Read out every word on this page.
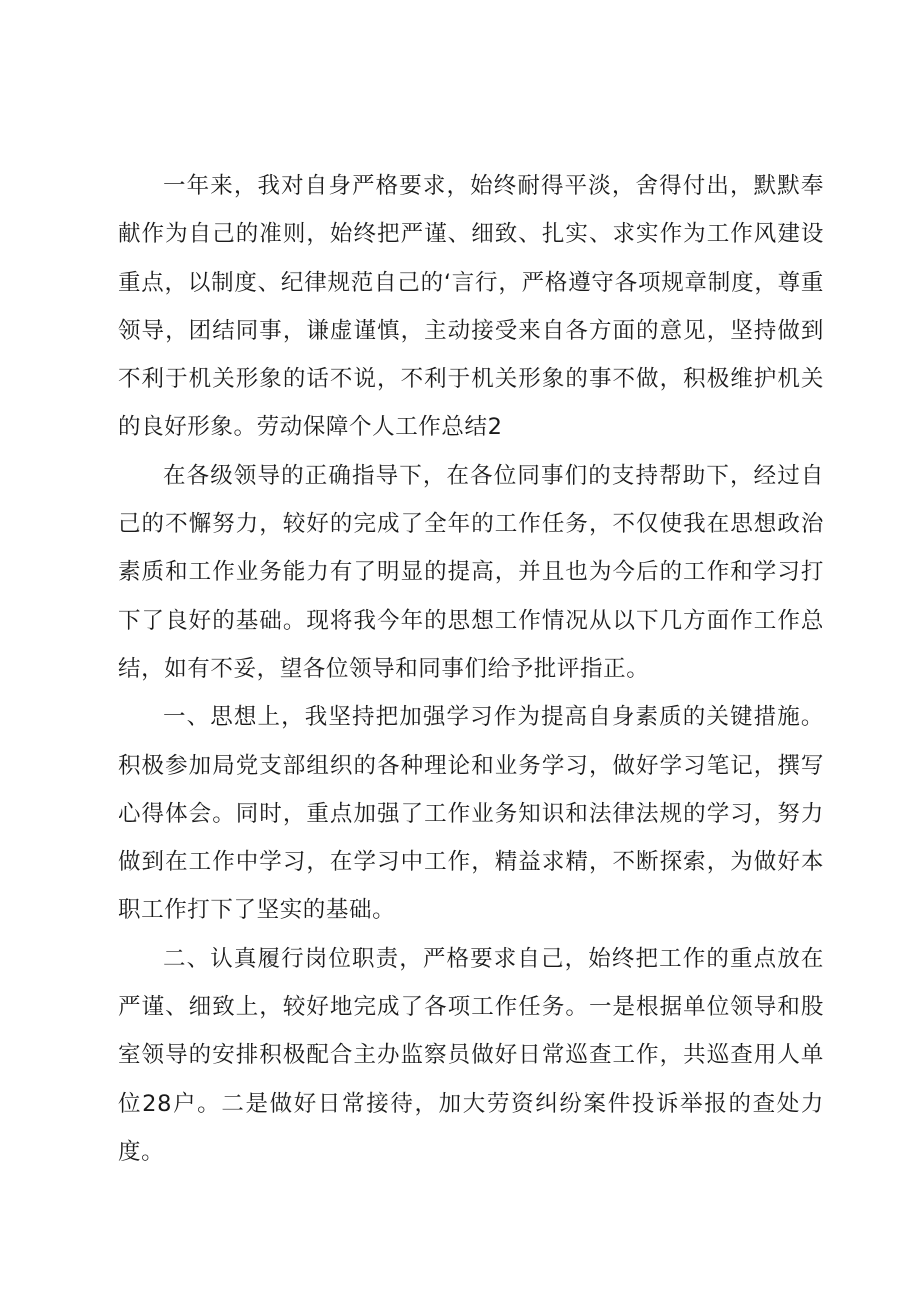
一年来，我对自身严格要求，始终耐得平淡，舍得付出，默默奉献作为自己的准则，始终把严谨、细致、扎实、求实作为工作风建设重点，以制度、纪律规范自己的‘言行，严格遵守各项规章制度，尊重领导，团结同事，谦虚谨慎，主动接受来自各方面的意见，坚持做到不利于机关形象的话不说，不利于机关形象的事不做，积极维护机关的良好形象。劳动保障个人工作总结2

在各级领导的正确指导下，在各位同事们的支持帮助下，经过自己的不懈努力，较好的完成了全年的工作任务，不仅使我在思想政治素质和工作业务能力有了明显的提高，并且也为今后的工作和学习打下了良好的基础。现将我今年的思想工作情况从以下几方面作工作总结，如有不妥，望各位领导和同事们给予批评指正。

一、思想上，我坚持把加强学习作为提高自身素质的关键措施。积极参加局党支部组织的各种理论和业务学习，做好学习笔记，撰写心得体会。同时，重点加强了工作业务知识和法律法规的学习，努力做到在工作中学习，在学习中工作，精益求精，不断探索，为做好本职工作打下了坚实的基础。

二、认真履行岗位职责，严格要求自己，始终把工作的重点放在严谨、细致上，较好地完成了各项工作任务。一是根据单位领导和股室领导的安排积极配合主办监察员做好日常巡查工作，共巡查用人单位28户。二是做好日常接待，加大劳资纠纷案件投诉举报的查处力度。
